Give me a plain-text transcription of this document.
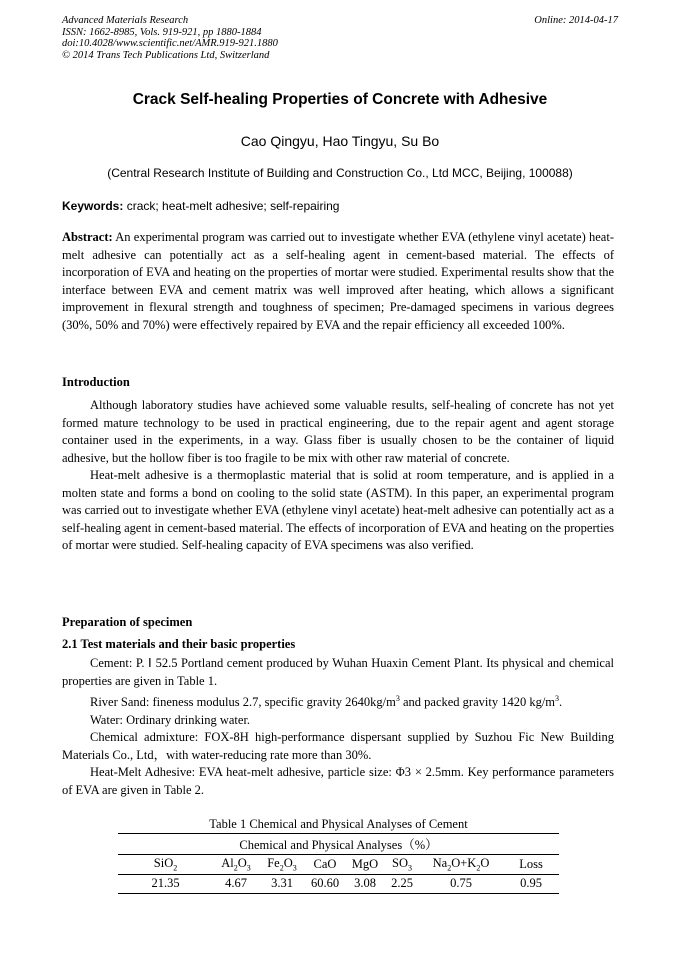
Advanced Materials Research
ISSN: 1662-8985, Vols. 919-921, pp 1880-1884
doi:10.4028/www.scientific.net/AMR.919-921.1880
© 2014 Trans Tech Publications Ltd, Switzerland
Online: 2014-04-17
Crack Self-healing Properties of Concrete with Adhesive
Cao Qingyu, Hao Tingyu, Su Bo
(Central Research Institute of Building and Construction Co., Ltd MCC, Beijing, 100088)
Keywords: crack; heat-melt adhesive; self-repairing
Abstract: An experimental program was carried out to investigate whether EVA (ethylene vinyl acetate) heat-melt adhesive can potentially act as a self-healing agent in cement-based material. The effects of incorporation of EVA and heating on the properties of mortar were studied. Experimental results show that the interface between EVA and cement matrix was well improved after heating, which allows a significant improvement in flexural strength and toughness of specimen; Pre-damaged specimens in various degrees (30%, 50% and 70%) were effectively repaired by EVA and the repair efficiency all exceeded 100%.
Introduction

Although laboratory studies have achieved some valuable results, self-healing of concrete has not yet formed mature technology to be used in practical engineering, due to the repair agent and agent storage container used in the experiments, in a way. Glass fiber is usually chosen to be the container of liquid adhesive, but the hollow fiber is too fragile to be mix with other raw material of concrete.

Heat-melt adhesive is a thermoplastic material that is solid at room temperature, and is applied in a molten state and forms a bond on cooling to the solid state (ASTM). In this paper, an experimental program was carried out to investigate whether EVA (ethylene vinyl acetate) heat-melt adhesive can potentially act as a self-healing agent in cement-based material. The effects of incorporation of EVA and heating on the properties of mortar were studied. Self-healing capacity of EVA specimens was also verified.

Preparation of specimen
2.1 Test materials and their basic properties

Cement: P. Ⅰ 52.5 Portland cement produced by Wuhan Huaxin Cement Plant. Its physical and chemical properties are given in Table 1.

River Sand: fineness modulus 2.7, specific gravity $2640kg/m^3$ and packed gravity 1420 $kg/m^3$.

Water: Ordinary drinking water.

Chemical admixture: FOX-8H high-performance dispersant supplied by Suzhou Fic New Building Materials Co., Ltd，with water-reducing rate more than 30%.

Heat-Melt Adhesive: EVA heat-melt adhesive, particle size: Φ3 × 2.5mm. Key performance parameters of EVA are given in Table 2.

Table 1 Chemical and Physical Analyses of Cement
Chemical and Physical Analyses（%）							
SiO$_2$	$Al_2O_3$	$Fe_2O_3$	CaO	MgO	$SO_3$	$Na_2O+K_2O$	Loss
21.35	4.67	3.31	60.60	3.08	2.25	0.75	0.95
